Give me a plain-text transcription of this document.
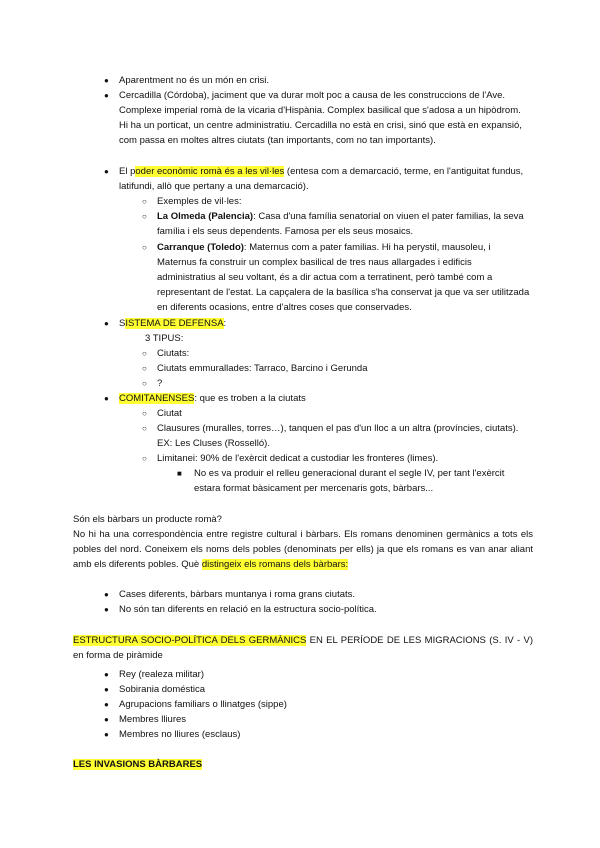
● Aparentment no és un món en crisi.

● Cercadilla (Córdoba), jaciment que va durar molt poc a causa de les construccions de l'Ave. Complexe imperial romà de la vicaria d'Hispània. Complex basilical que s'adosa a un hipòdrom. Hi ha un porticat, un centre administratiu. Cercadilla no està en crisi, sinó que està en expansió, com passa en moltes altres ciutats (tan importants, com no tan importants).

● El poder econòmic romà és a les vil·les (entesa com a demarcació, terme, en l'antiguitat fundus, latifundi, allò que pertany a una demarcació).

○ Exemples de vil·les:

○ La Olmeda (Palencia): Casa d'una família senatorial on viuen el pater familias, la seva família i els seus dependents. Famosa per els seus mosaics.

○ Carranque (Toledo): Maternus com a pater familias. Hi ha perystil, mausoleu, i Maternus fa construir un complex basilical de tres naus allargades i edificis administratius al seu voltant, és a dir actua com a terratinent, però també com a representant de l'estat. La capçalera de la basílica s'ha conservat ja que va ser utilitzada en diferents ocasions, entre d'altres coses que conservades.

● SISTEMA DE DEFENSA:

3 TIPUS:
○ Ciutats:

○ Ciutats emmurallades: Tarraco, Barcino i Gerunda

○ ?

● COMITANENSES: que es troben a la ciutats

○ Ciutat

○ Clausures (muralles, torres…), tanquen el pas d'un lloc a un altra (províncies, ciutats). EX: Les Cluses (Rosselló).

○ Limitanei: 90% de l'exèrcit dedicat a custodiar les fronteres (limes).

■ No es va produir el relleu generacional durant el segle IV, per tant l'exèrcit estara format bàsicament per mercenaris gots, bàrbars...

Són els bàrbars un producte romà?

No hi ha una correspondència entre registre cultural i bàrbars. Els romans denominen germànics a tots els pobles del nord. Coneixem els noms dels pobles (denominats per ells) ja que els romans es van anar aliant amb els diferents pobles. Què distingeix els romans dels bàrbars:

● Cases diferents, bàrbars muntanya i roma grans ciutats.

● No són tan diferents en relació en la estructura socio-política.

ESTRUCTURA SOCIO-POLÍTICA DELS GERMÀNICS EN EL PERÍODE DE LES MIGRACIONS (S. IV - V) en forma de piràmide

● Rey (realeza militar)

● Sobirania doméstica

● Agrupacions familiars o llinatges (sippe)

● Membres lliures

● Membres no lliures (esclaus)

LES INVASIONS BÀRBARES
